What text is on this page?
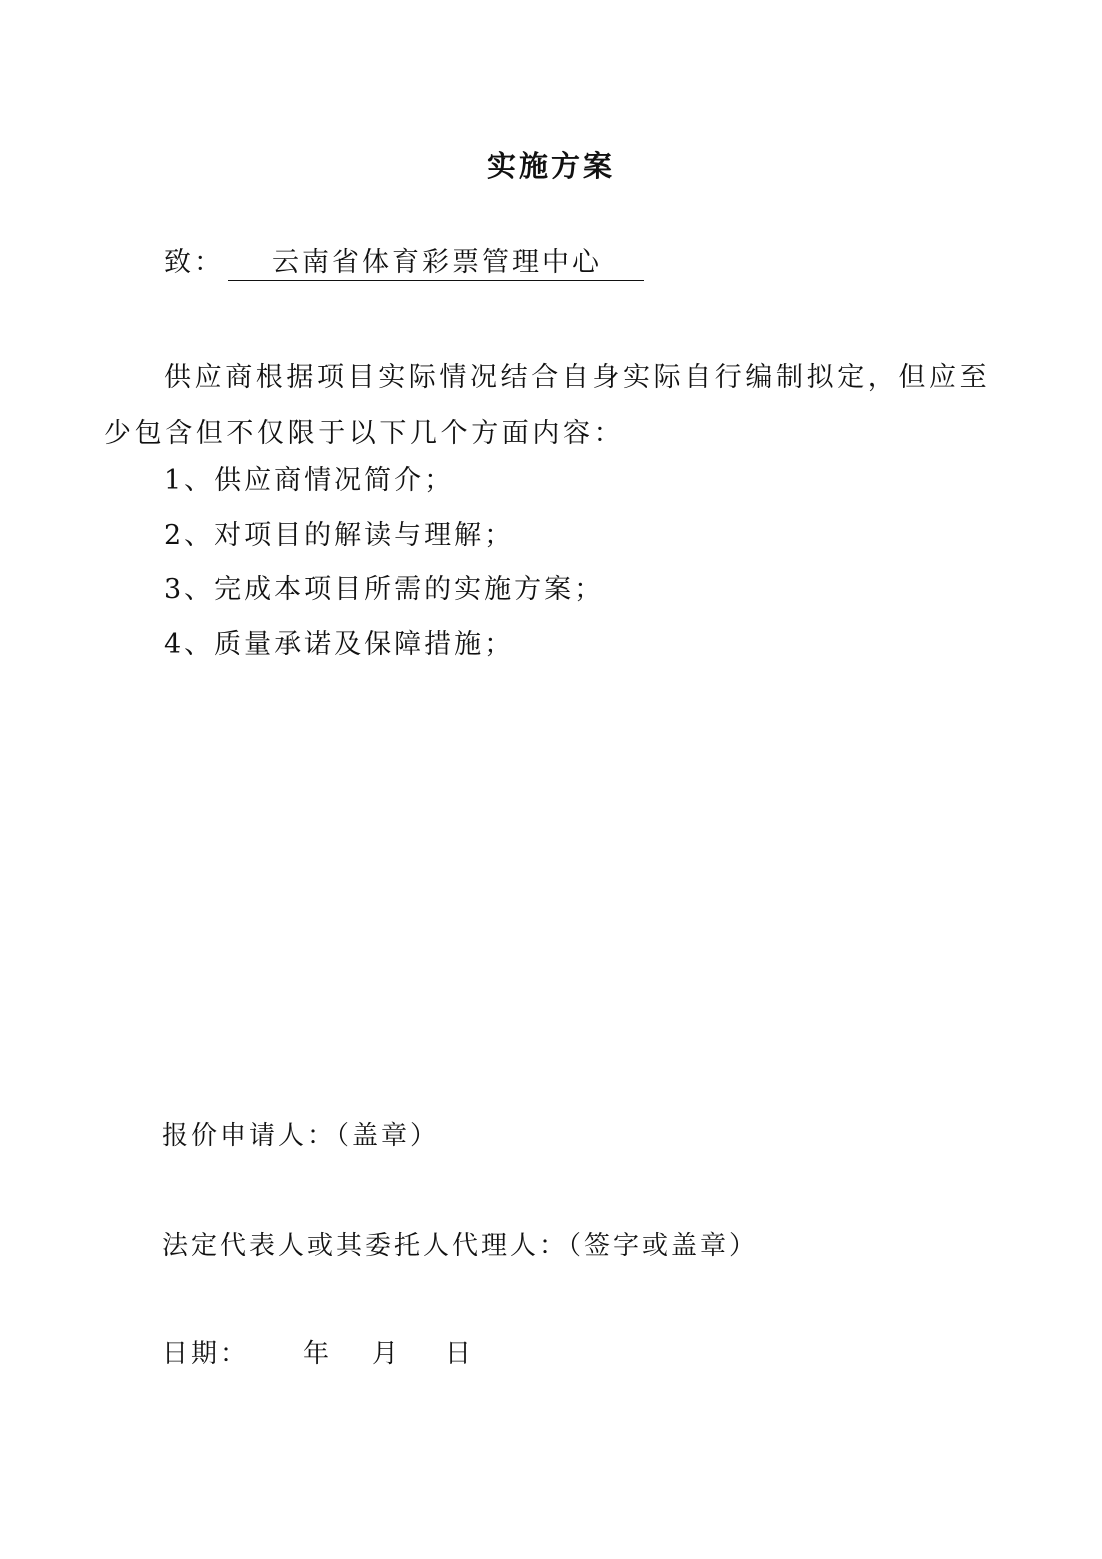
实施方案
致： 云南省体育彩票管理中心
供应商根据项目实际情况结合自身实际自行编制拟定，但应至少包含但不仅限于以下几个方面内容：
1、供应商情况简介；
2、对项目的解读与理解；
3、完成本项目所需的实施方案；
4、质量承诺及保障措施；
报价申请人：（盖章）
法定代表人或其委托人代理人：（签字或盖章）
日期： 年 月 日
